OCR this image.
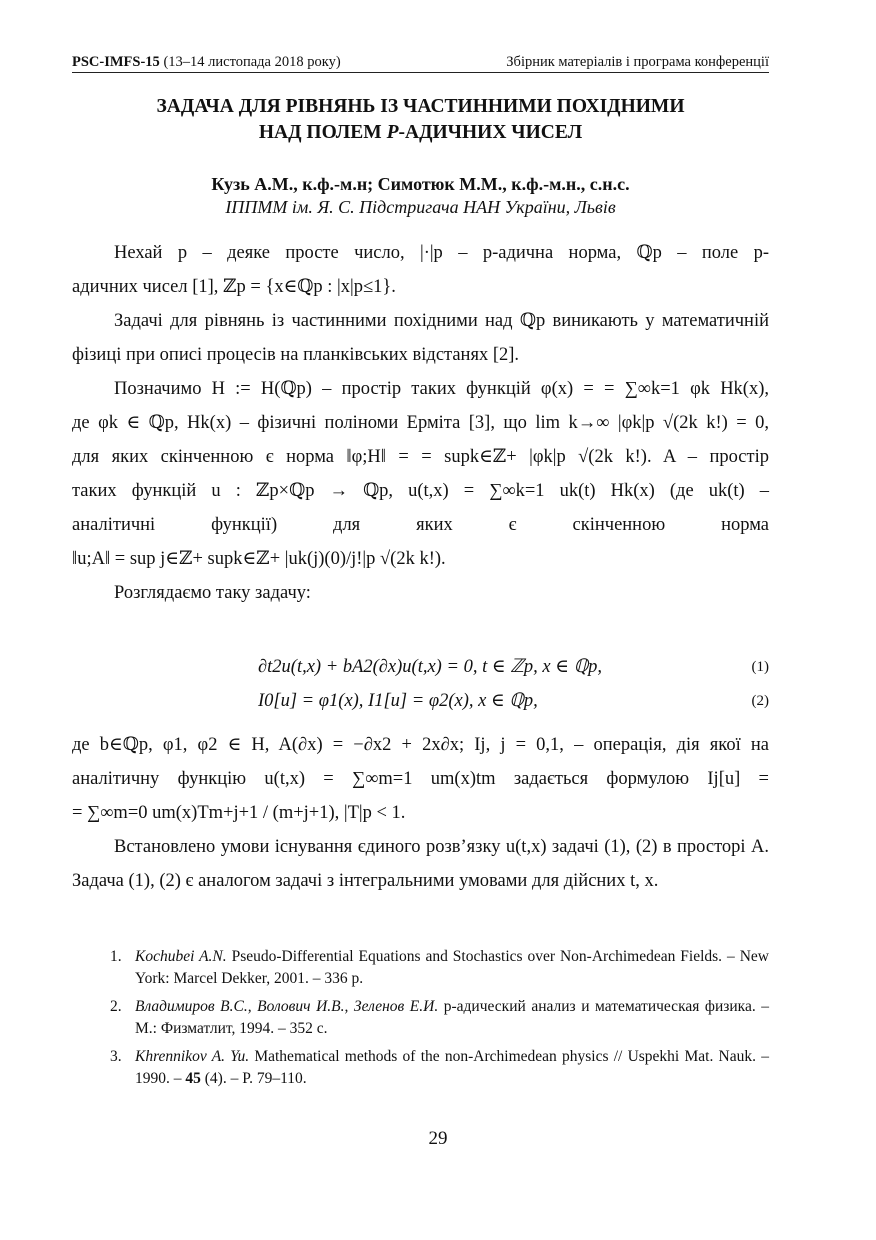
PSC-IMFS-15 (13–14 листопада 2018 року)	Збірник матеріалів і програма конференції
ЗАДАЧА ДЛЯ РІВНЯНЬ ІЗ ЧАСТИННИМИ ПОХІДНИМИ
НАД ПОЛЕМ P-АДИЧНИХ ЧИСЕЛ
Кузь А.М., к.ф.-м.н; Симотюк М.М., к.ф.-м.н., с.н.с.
ІППММ ім. Я. С. Підстригача НАН України, Львів

Нехай p – деяке просте число, |·|p – p-адична норма, ℚp – поле p-

адичних чисел [1], ℤp = {x∈ℚp : |x|p≤1}.

Задачі для рівнянь із частинними похідними над ℚp виникають у математичній фізиці при описі процесів на планківських відстанях [2].

Позначимо H := H(ℚp) – простір таких функцій φ(x) = = ∑∞k=1 φk Hk(x),

де φk ∈ ℚp, Hk(x) – фізичні поліноми Ерміта [3], що lim k→∞ |φk|p √(2k k!) = 0,

для яких скінченною є норма ‖φ;H‖ = = supk∈ℤ+ |φk|p √(2k k!). A – простір

таких функцій u : ℤp×ℚp → ℚp, u(t,x) = ∑∞k=1 uk(t) Hk(x) (де uk(t) –

аналітичні функції) для яких є скінченною норма

‖u;A‖ = sup j∈ℤ+ supk∈ℤ+ |uk(j)(0)/j!|p √(2k k!).

Розглядаємо таку задачу:

∂t2u(t,x) + bA2(∂x)u(t,x) = 0, t ∈ ℤp, x ∈ ℚp,	(1)
I0[u] = φ1(x), I1[u] = φ2(x), x ∈ ℚp,	(2)

де b∈ℚp, φ1, φ2 ∈ H, A(∂x) = −∂x2 + 2x∂x; Ij, j = 0,1, – операція, дія якої на

аналітичну функцію u(t,x) = ∑∞m=1 um(x)tm задається формулою Ij[u] =

= ∑∞m=0 um(x)Tm+j+1 / (m+j+1), |T|p < 1.

Встановлено умови існування єдиного розв’язку u(t,x) задачі (1), (2) в просторі A. Задача (1), (2) є аналогом задачі з інтегральними умовами для дійсних t, x.

1. Kochubei A.N. Pseudo-Differential Equations and Stochastics over Non-Archimedean Fields. – New York: Marcel Dekker, 2001. – 336 p.
2. Владимиров В.С., Волович И.В., Зеленов Е.И. p-адический анализ и математическая физика. – М.: Физматлит, 1994. – 352 с.
3. Khrennikov A. Yu. Mathematical methods of the non-Archimedean physics // Uspekhi Mat. Nauk. – 1990. – 45 (4). – P. 79–110.
29
